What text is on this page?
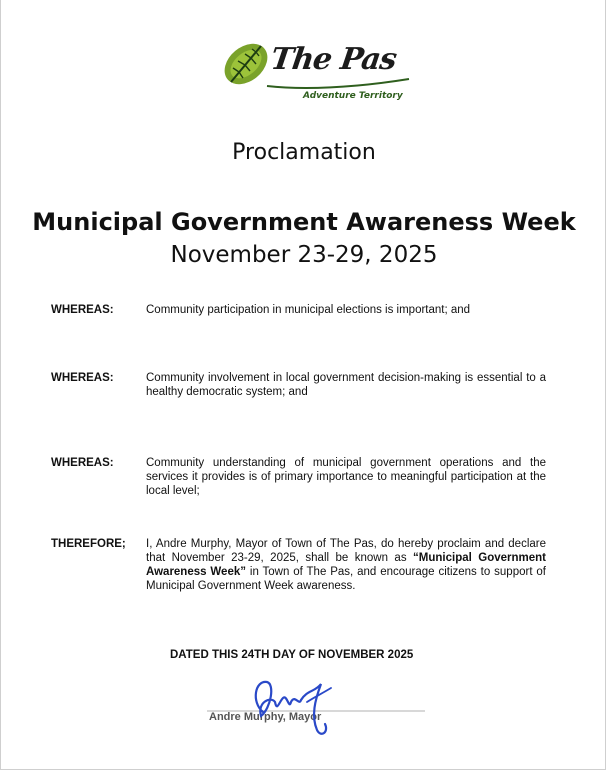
The Pas
Adventure Territory
Proclamation
Municipal Government Awareness Week
November 23-29, 2025
WHEREAS:	Community participation in municipal elections is important; and
WHEREAS:	Community involvement in local government decision-making is essential to a healthy democratic system; and
WHEREAS:	Community understanding of municipal government operations and the services it provides is of primary importance to meaningful participation at the local level;
THEREFORE;	I, Andre Murphy, Mayor of Town of The Pas, do hereby proclaim and declare that November 23-29, 2025, shall be known as “Municipal Government Awareness Week” in Town of The Pas, and encourage citizens to support of Municipal Government Week awareness.
DATED THIS 24TH DAY OF NOVEMBER 2025
Andre Murphy, Mayor
